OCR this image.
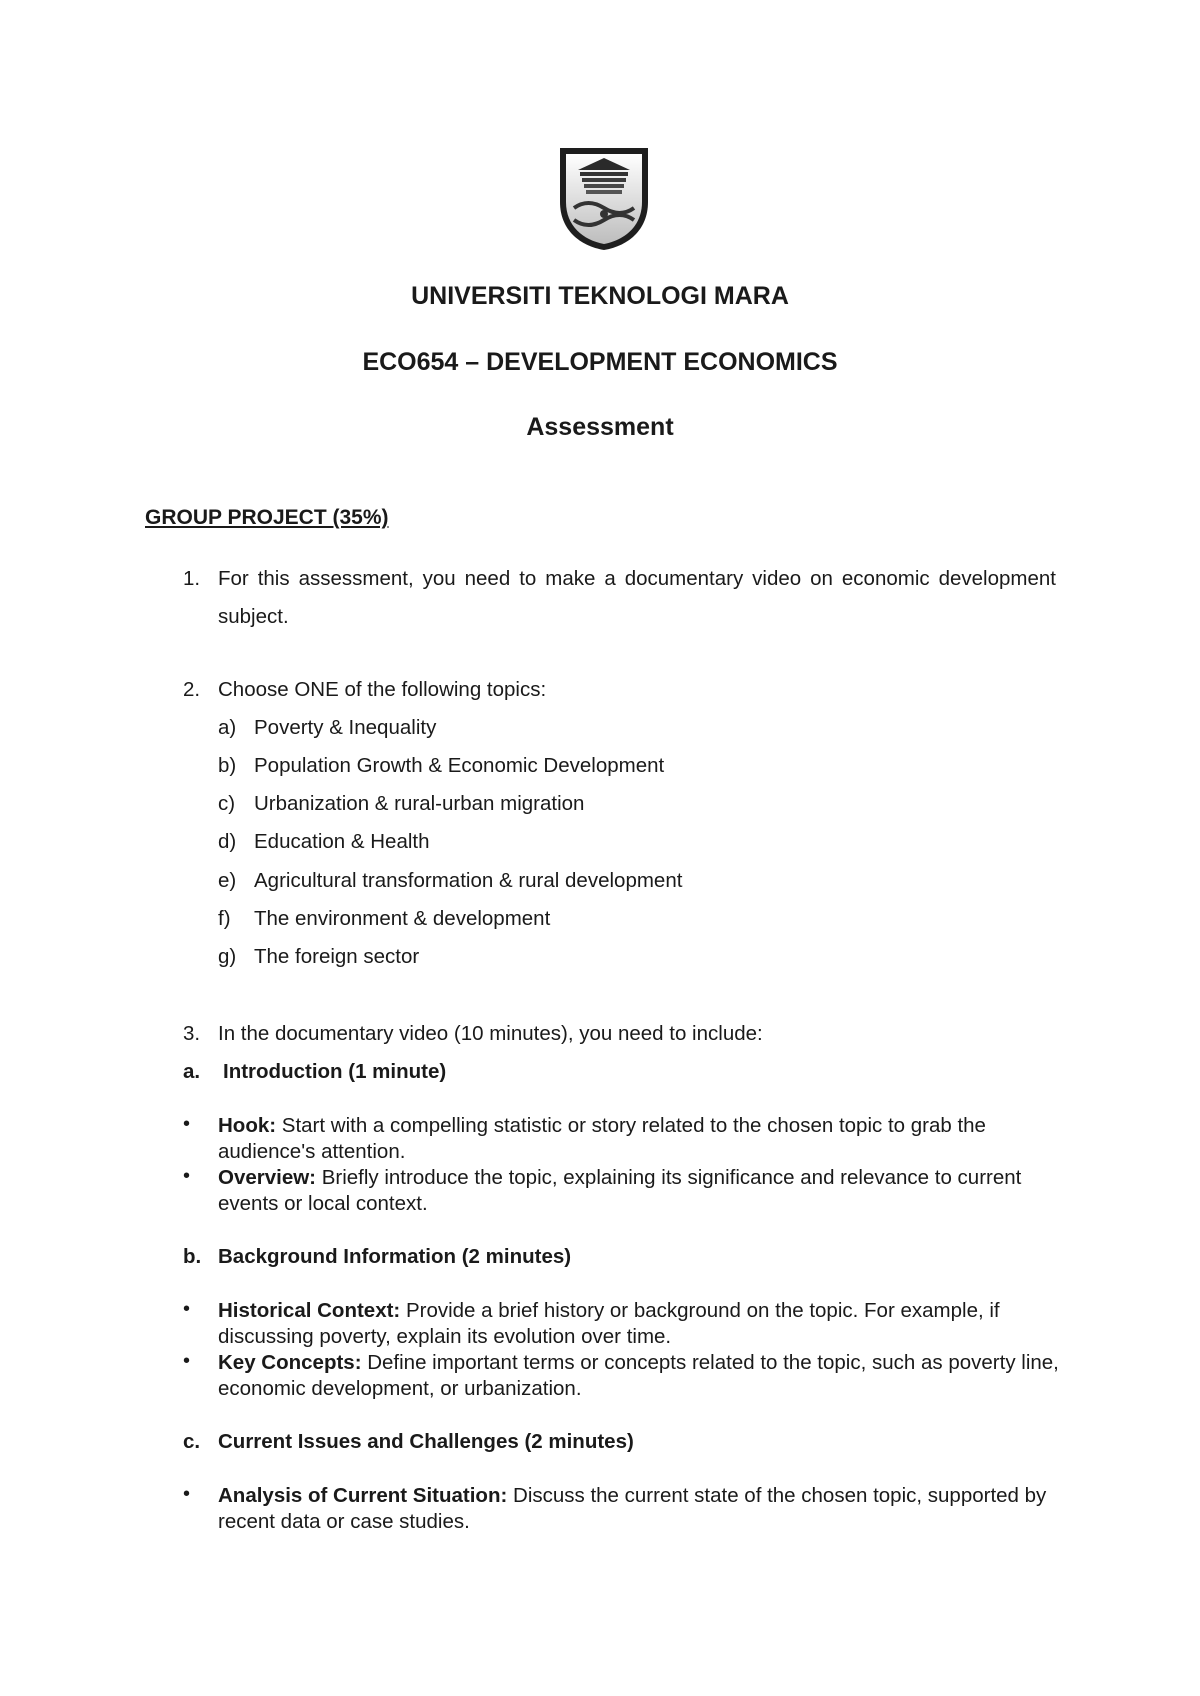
UNIVERSITI TEKNOLOGI MARA
ECO654 – DEVELOPMENT ECONOMICS
Assessment
GROUP PROJECT (35%)
1. For this assessment, you need to make a documentary video on economic development subject.
2. Choose ONE of the following topics:
a) Poverty & Inequality
b) Population Growth & Economic Development
c) Urbanization & rural-urban migration
d) Education & Health
e) Agricultural transformation & rural development
f) The environment & development
g) The foreign sector
3. In the documentary video (10 minutes), you need to include:
a. Introduction (1 minute)
• Hook: Start with a compelling statistic or story related to the chosen topic to grab the audience's attention.
• Overview: Briefly introduce the topic, explaining its significance and relevance to current events or local context.
b. Background Information (2 minutes)
• Historical Context: Provide a brief history or background on the topic. For example, if discussing poverty, explain its evolution over time.
• Key Concepts: Define important terms or concepts related to the topic, such as poverty line, economic development, or urbanization.
c. Current Issues and Challenges (2 minutes)
• Analysis of Current Situation: Discuss the current state of the chosen topic, supported by recent data or case studies.
